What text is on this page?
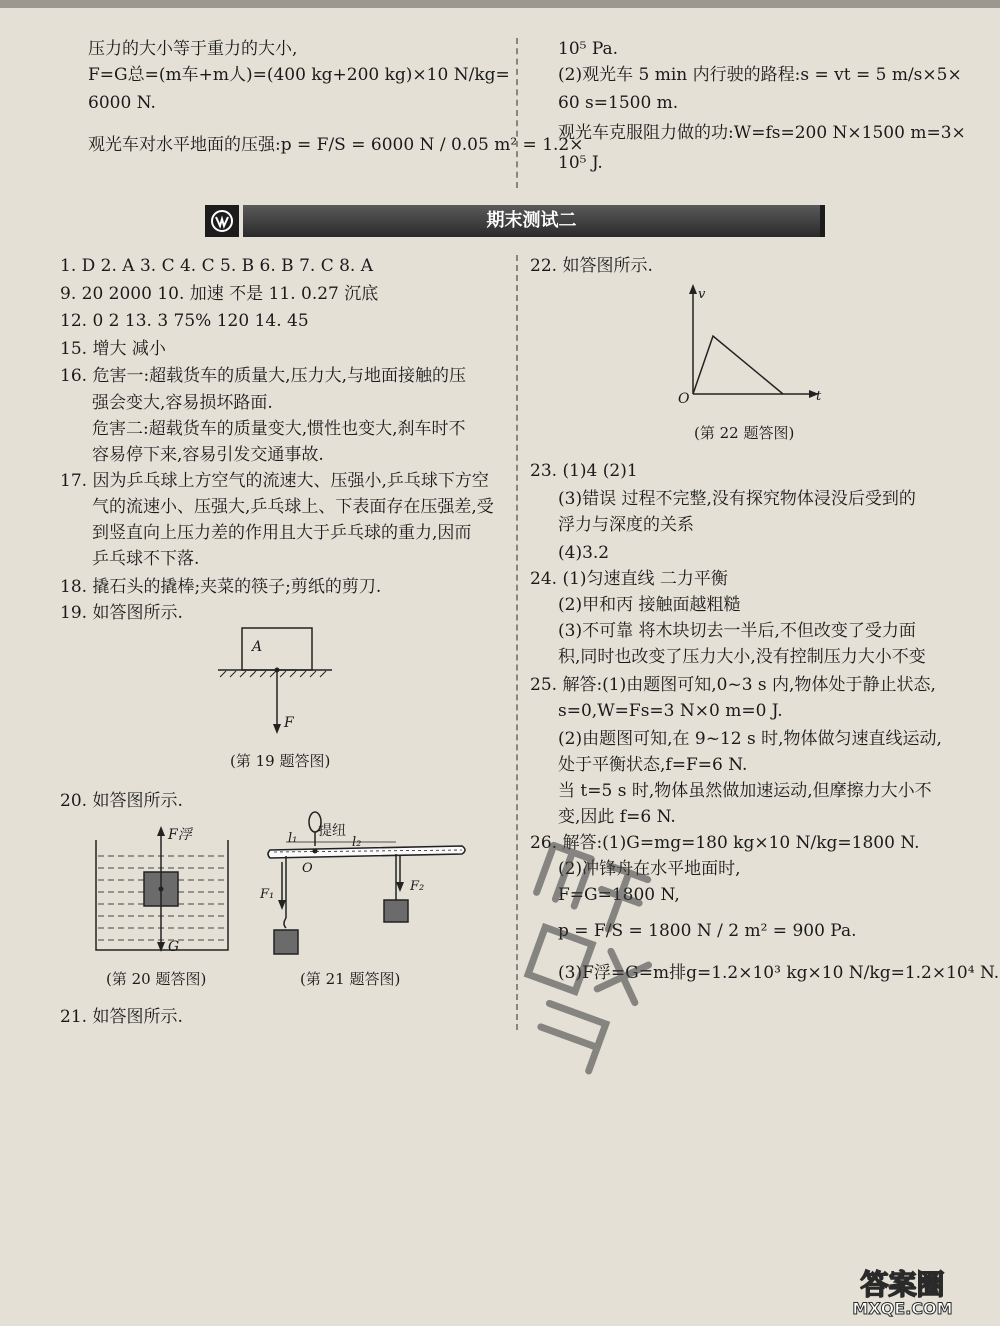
压力的大小等于重力的大小,
F=G总=(m车+m人)=(400 kg+200 kg)×10 N/kg=
6000 N.
观光车对水平地面的压强:p = F/S = 6000 N / 0.05 m² = 1.2×
10⁵ Pa.
(2)观光车 5 min 内行驶的路程:s = vt = 5 m/s×5×
60 s=1500 m.
观光车克服阻力做的功:W=fs=200 N×1500 m=3×
10⁵ J.
期末测试二
1. D 2. A 3. C 4. C 5. B 6. B 7. C 8. A
9. 20 2000 10. 加速 不是 11. 0.27 沉底
12. 0 2 13. 3 75% 120 14. 45
15. 增大 减小
16. 危害一:超载货车的质量大,压力大,与地面接触的压
强会变大,容易损坏路面.
危害二:超载货车的质量变大,惯性也变大,刹车时不
容易停下来,容易引发交通事故.
17. 因为乒乓球上方空气的流速大、压强小,乒乓球下方空
气的流速小、压强大,乒乓球上、下表面存在压强差,受
到竖直向上压力差的作用且大于乒乓球的重力,因而
乒乓球不下落.
18. 撬石头的撬棒;夹菜的筷子;剪纸的剪刀.
19. 如答图所示.
A
F
(第 19 题答图)
20. 如答图所示.
F浮
G
(第 20 题答图)
l₁ 提纽
l₂
O
F₁
F₂
(第 21 题答图)
21. 如答图所示.
22. 如答图所示.
v
O	t
(第 22 题答图)
23. (1)4 (2)1
(3)错误 过程不完整,没有探究物体浸没后受到的
浮力与深度的关系
(4)3.2
24. (1)匀速直线 二力平衡
(2)甲和丙 接触面越粗糙
(3)不可靠 将木块切去一半后,不但改变了受力面
积,同时也改变了压力大小,没有控制压力大小不变
25. 解答:(1)由题图可知,0~3 s 内,物体处于静止状态,
s=0,W=Fs=3 N×0 m=0 J.
(2)由题图可知,在 9~12 s 时,物体做匀速直线运动,
处于平衡状态,f=F=6 N.
当 t=5 s 时,物体虽然做加速运动,但摩擦力大小不
变,因此 f=6 N.
26. 解答:(1)G=mg=180 kg×10 N/kg=1800 N.
(2)冲锋舟在水平地面时,
F=G=1800 N,
p = F/S = 1800 N / 2 m² = 900 Pa.
(3)F浮=G=m排g=1.2×10³ kg×10 N/kg=1.2×10⁴ N.
答案圈
MXQE.COM
